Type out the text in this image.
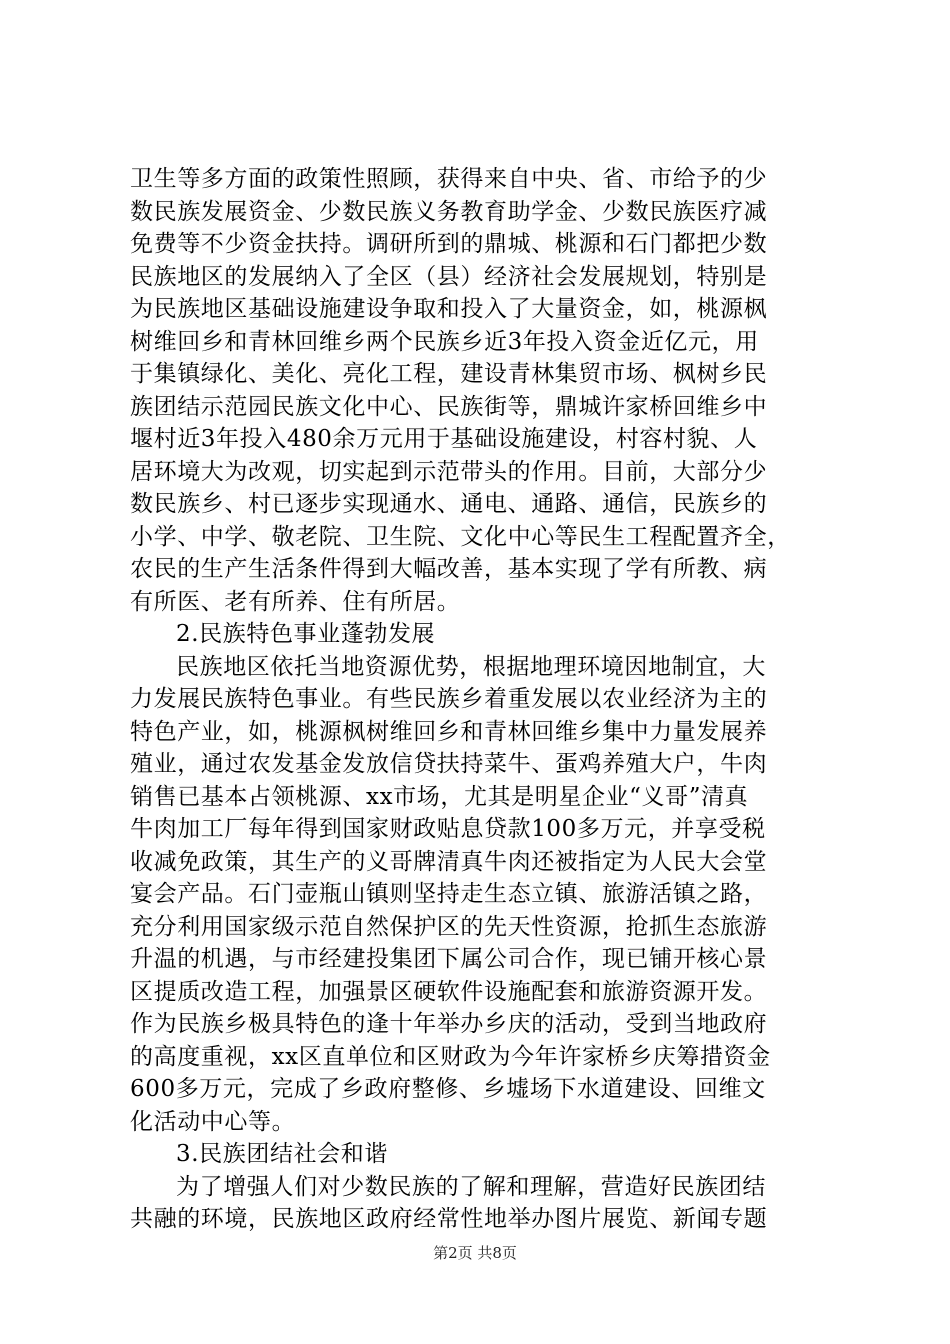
卫生等多方面的政策性照顾，获得来自中央、省、市给予的少
数民族发展资金、少数民族义务教育助学金、少数民族医疗减
免费等不少资金扶持。调研所到的鼎城、桃源和石门都把少数
民族地区的发展纳入了全区（县）经济社会发展规划，特别是
为民族地区基础设施建设争取和投入了大量资金，如，桃源枫
树维回乡和青林回维乡两个民族乡近3年投入资金近亿元，用
于集镇绿化、美化、亮化工程，建设青林集贸市场、枫树乡民
族团结示范园民族文化中心、民族街等，鼎城许家桥回维乡中
堰村近3年投入480余万元用于基础设施建设，村容村貌、人
居环境大为改观，切实起到示范带头的作用。目前，大部分少
数民族乡、村已逐步实现通水、通电、通路、通信，民族乡的
小学、中学、敬老院、卫生院、文化中心等民生工程配置齐全，
农民的生产生活条件得到大幅改善，基本实现了学有所教、病
有所医、老有所养、住有所居。
2.民族特色事业蓬勃发展
民族地区依托当地资源优势，根据地理环境因地制宜，大
力发展民族特色事业。有些民族乡着重发展以农业经济为主的
特色产业，如，桃源枫树维回乡和青林回维乡集中力量发展养
殖业，通过农发基金发放信贷扶持菜牛、蛋鸡养殖大户，牛肉
销售已基本占领桃源、xx市场，尤其是明星企业“义哥”清真
牛肉加工厂每年得到国家财政贴息贷款100多万元，并享受税
收减免政策，其生产的义哥牌清真牛肉还被指定为人民大会堂
宴会产品。石门壶瓶山镇则坚持走生态立镇、旅游活镇之路，
充分利用国家级示范自然保护区的先天性资源，抢抓生态旅游
升温的机遇，与市经建投集团下属公司合作，现已铺开核心景
区提质改造工程，加强景区硬软件设施配套和旅游资源开发。
作为民族乡极具特色的逢十年举办乡庆的活动，受到当地政府
的高度重视，xx区直单位和区财政为今年许家桥乡庆筹措资金
600多万元，完成了乡政府整修、乡墟场下水道建设、回维文
化活动中心等。
3.民族团结社会和谐
为了增强人们对少数民族的了解和理解，营造好民族团结
共融的环境，民族地区政府经常性地举办图片展览、新闻专题
第2页 共8页
